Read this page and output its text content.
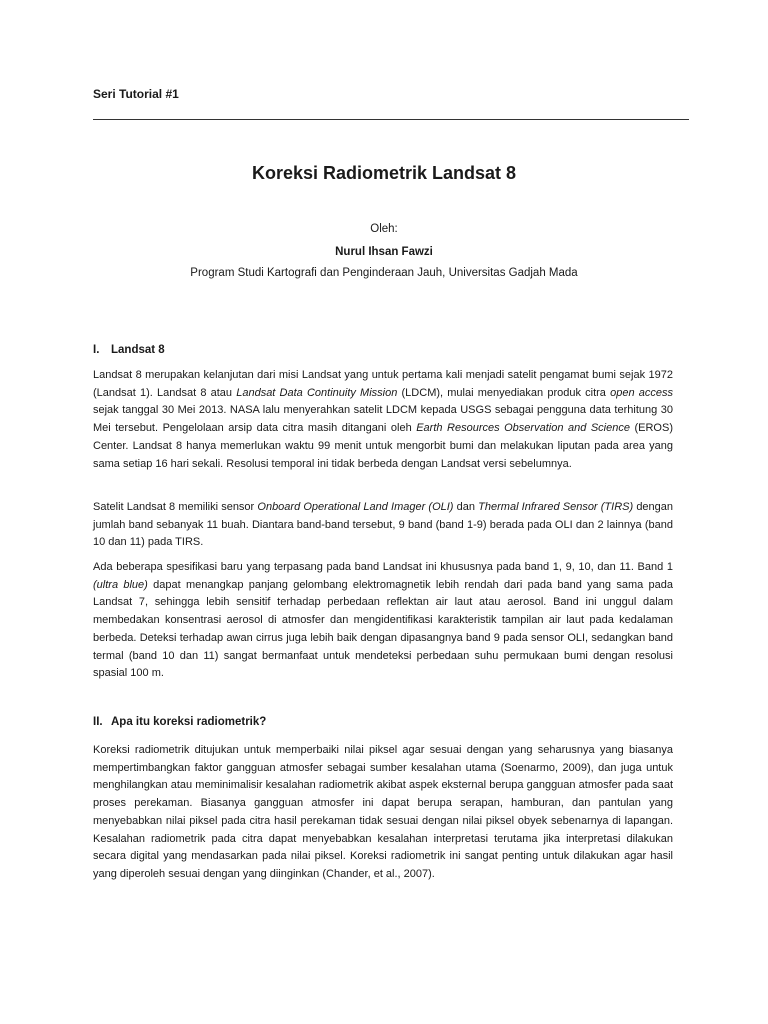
Seri Tutorial #1
Koreksi Radiometrik Landsat 8
Oleh:
Nurul Ihsan Fawzi
Program Studi Kartografi dan Penginderaan Jauh, Universitas Gadjah Mada
I. Landsat 8

Landsat 8 merupakan kelanjutan dari misi Landsat yang untuk pertama kali menjadi satelit pengamat bumi sejak 1972 (Landsat 1). Landsat 8 atau Landsat Data Continuity Mission (LDCM), mulai menyediakan produk citra open access sejak tanggal 30 Mei 2013. NASA lalu menyerahkan satelit LDCM kepada USGS sebagai pengguna data terhitung 30 Mei tersebut. Pengelolaan arsip data citra masih ditangani oleh Earth Resources Observation and Science (EROS) Center. Landsat 8 hanya memerlukan waktu 99 menit untuk mengorbit bumi dan melakukan liputan pada area yang sama setiap 16 hari sekali. Resolusi temporal ini tidak berbeda dengan Landsat versi sebelumnya.

Satelit Landsat 8 memiliki sensor Onboard Operational Land Imager (OLI) dan Thermal Infrared Sensor (TIRS) dengan jumlah band sebanyak 11 buah. Diantara band-band tersebut, 9 band (band 1-9) berada pada OLI dan 2 lainnya (band 10 dan 11) pada TIRS.

Ada beberapa spesifikasi baru yang terpasang pada band Landsat ini khususnya pada band 1, 9, 10, dan 11. Band 1 (ultra blue) dapat menangkap panjang gelombang elektromagnetik lebih rendah dari pada band yang sama pada Landsat 7, sehingga lebih sensitif terhadap perbedaan reflektan air laut atau aerosol. Band ini unggul dalam membedakan konsentrasi aerosol di atmosfer dan mengidentifikasi karakteristik tampilan air laut pada kedalaman berbeda. Deteksi terhadap awan cirrus juga lebih baik dengan dipasangnya band 9 pada sensor OLI, sedangkan band termal (band 10 dan 11) sangat bermanfaat untuk mendeteksi perbedaan suhu permukaan bumi dengan resolusi spasial 100 m.

II. Apa itu koreksi radiometrik?

Koreksi radiometrik ditujukan untuk memperbaiki nilai piksel agar sesuai dengan yang seharusnya yang biasanya mempertimbangkan faktor gangguan atmosfer sebagai sumber kesalahan utama (Soenarmo, 2009), dan juga untuk menghilangkan atau meminimalisir kesalahan radiometrik akibat aspek eksternal berupa gangguan atmosfer pada saat proses perekaman. Biasanya gangguan atmosfer ini dapat berupa serapan, hamburan, dan pantulan yang menyebabkan nilai piksel pada citra hasil perekaman tidak sesuai dengan nilai piksel obyek sebenarnya di lapangan. Kesalahan radiometrik pada citra dapat menyebabkan kesalahan interpretasi terutama jika interpretasi dilakukan secara digital yang mendasarkan pada nilai piksel. Koreksi radiometrik ini sangat penting untuk dilakukan agar hasil yang diperoleh sesuai dengan yang diinginkan (Chander, et al., 2007).
